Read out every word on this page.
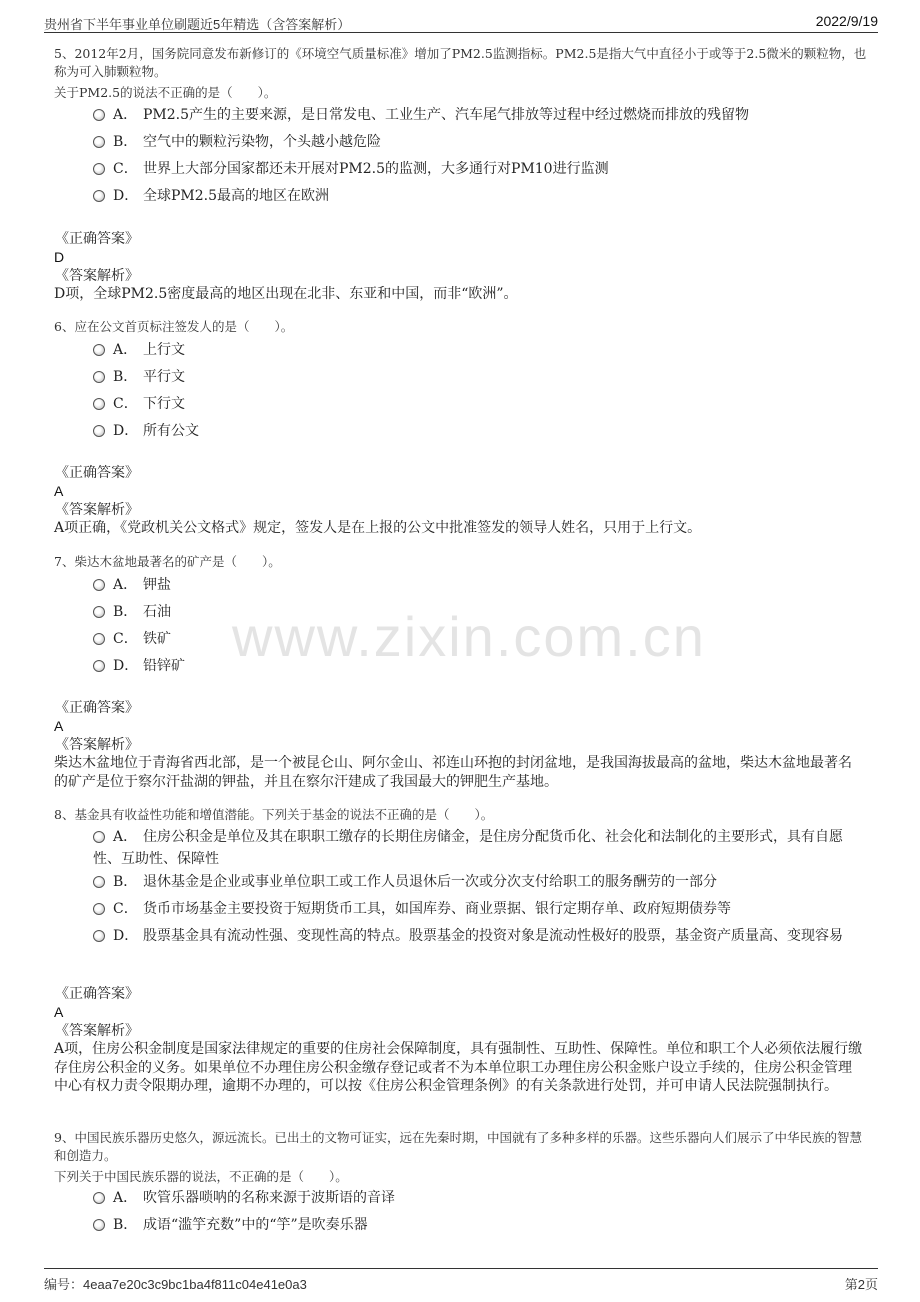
贵州省下半年事业单位刷题近5年精选（含答案解析）	2022/9/19
www.zixin.com.cn
5、2012年2月，国务院同意发布新修订的《环境空气质量标准》增加了PM2.5监测指标。PM2.5是指大气中直径小于或等于2.5微米的颗粒物，也称为可入肺颗粒物。
关于PM2.5的说法不正确的是（　　）。
A． PM2.5产生的主要来源，是日常发电、工业生产、汽车尾气排放等过程中经过燃烧而排放的残留物
B． 空气中的颗粒污染物，个头越小越危险
C． 世界上大部分国家都还未开展对PM2.5的监测，大多通行对PM10进行监测
D． 全球PM2.5最高的地区在欧洲
《正确答案》
D
《答案解析》
D项，全球PM2.5密度最高的地区出现在北非、东亚和中国，而非“欧洲”。
6、应在公文首页标注签发人的是（　　）。
A． 上行文
B． 平行文
C． 下行文
D． 所有公文
《正确答案》
A
《答案解析》
A项正确，《党政机关公文格式》规定，签发人是在上报的公文中批准签发的领导人姓名，只用于上行文。
7、柴达木盆地最著名的矿产是（　　）。
A． 钾盐
B． 石油
C． 铁矿
D． 铅锌矿
《正确答案》
A
《答案解析》
柴达木盆地位于青海省西北部，是一个被昆仑山、阿尔金山、祁连山环抱的封闭盆地，是我国海拔最高的盆地，柴达木盆地最著名的矿产是位于察尔汗盐湖的钾盐，并且在察尔汗建成了我国最大的钾肥生产基地。
8、基金具有收益性功能和增值潜能。下列关于基金的说法不正确的是（　　）。
A． 住房公积金是单位及其在职职工缴存的长期住房储金，是住房分配货币化、社会化和法制化的主要形式，具有自愿性、互助性、保障性
B． 退休基金是企业或事业单位职工或工作人员退休后一次或分次支付给职工的服务酬劳的一部分
C． 货币市场基金主要投资于短期货币工具，如国库券、商业票据、银行定期存单、政府短期债券等
D． 股票基金具有流动性强、变现性高的特点。股票基金的投资对象是流动性极好的股票，基金资产质量高、变现容易
《正确答案》
A
《答案解析》
A项，住房公积金制度是国家法律规定的重要的住房社会保障制度，具有强制性、互助性、保障性。单位和职工个人必须依法履行缴存住房公积金的义务。如果单位不办理住房公积金缴存登记或者不为本单位职工办理住房公积金账户设立手续的，住房公积金管理中心有权力责令限期办理，逾期不办理的，可以按《住房公积金管理条例》的有关条款进行处罚，并可申请人民法院强制执行。
9、中国民族乐器历史悠久，源远流长。已出土的文物可证实，远在先秦时期，中国就有了多种多样的乐器。这些乐器向人们展示了中华民族的智慧和创造力。
下列关于中国民族乐器的说法，不正确的是（　　）。
A． 吹管乐器唢呐的名称来源于波斯语的音译
B． 成语“滥竽充数”中的“竽”是吹奏乐器
编号：4eaa7e20c3c9bc1ba4f811c04e41e0a3	第2页
